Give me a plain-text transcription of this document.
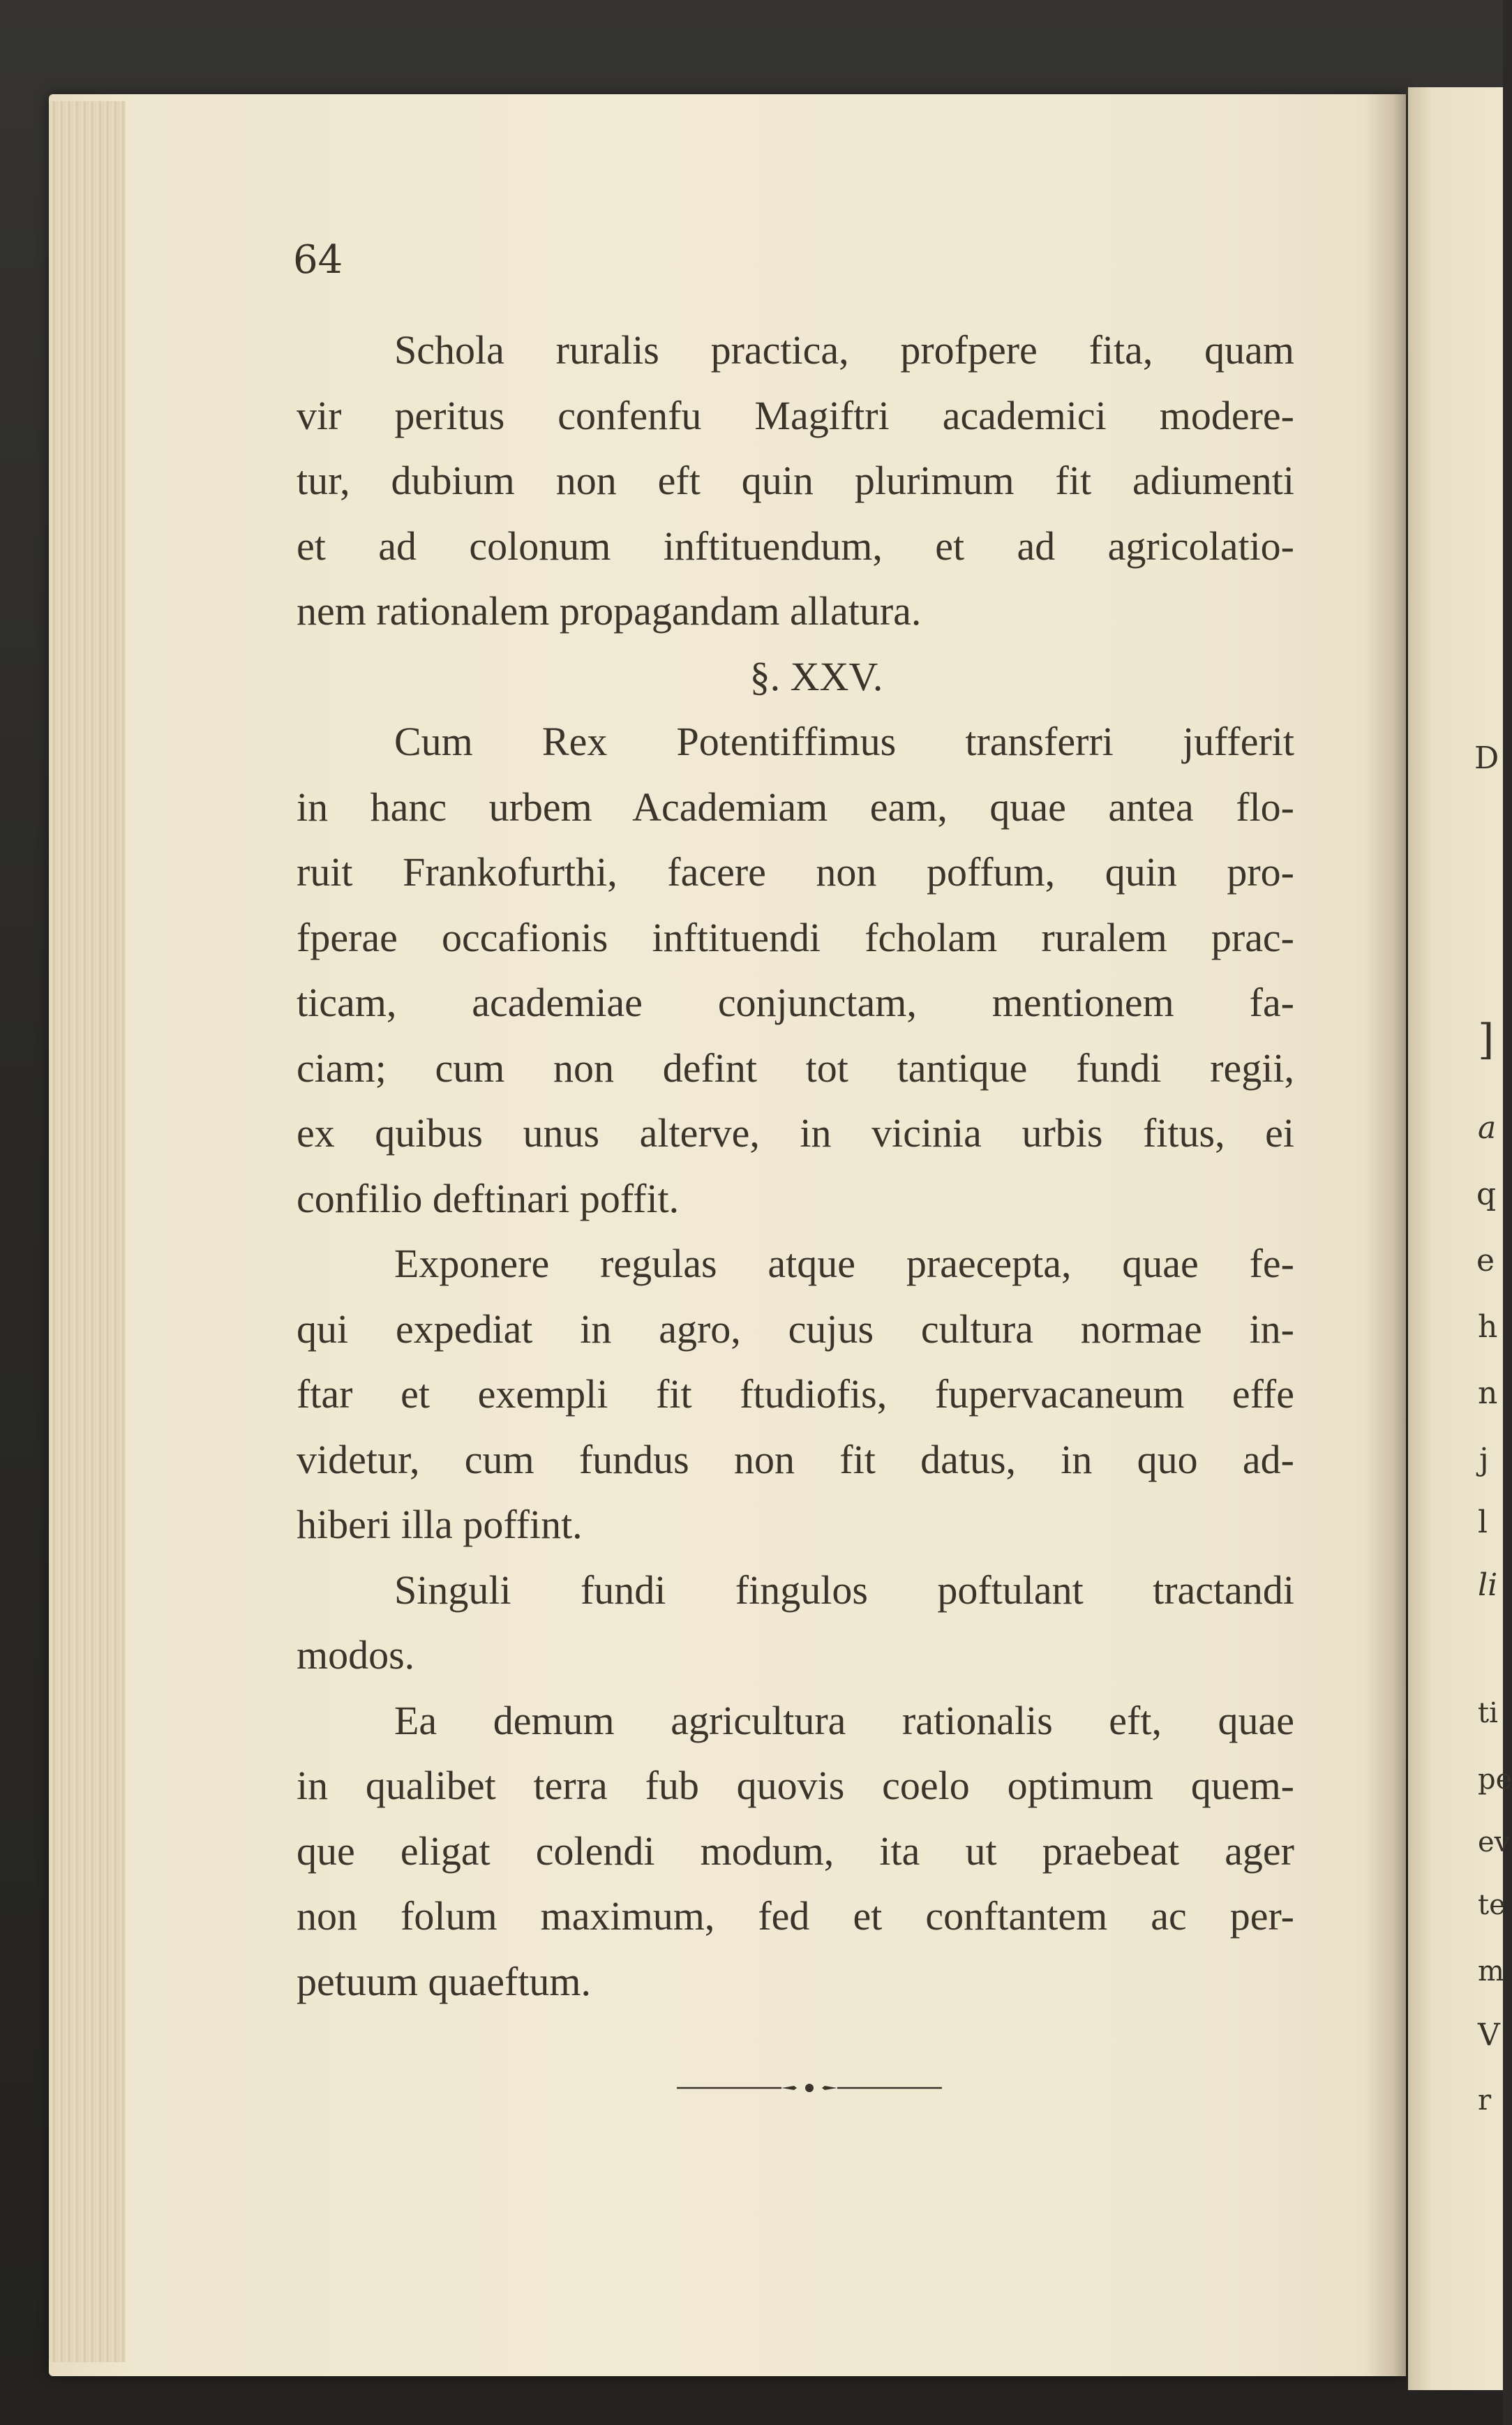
D
]
a
q
e
h
n
j
l
li
ti
pe
ev
te
m
V
r
64
Schola ruralis practica, profpere fita, quam
vir peritus confenfu Magiftri academici modere-
tur, dubium non eft quin plurimum fit adiumenti
et ad colonum inftituendum, et ad agricolatio-
nem rationalem propagandam allatura.
§. XXV.
Cum Rex Potentiffimus transferri jufferit
in hanc urbem Academiam eam, quae antea flo-
ruit Frankofurthi, facere non poffum, quin pro-
fperae occafionis inftituendi fcholam ruralem prac-
ticam, academiae conjunctam, mentionem fa-
ciam; cum non defint tot tantique fundi regii,
ex quibus unus alterve, in vicinia urbis fitus, ei
confilio deftinari poffit.
Exponere regulas atque praecepta, quae fe-
qui expediat in agro, cujus cultura normae in-
ftar et exempli fit ftudiofis, fupervacaneum effe
videtur, cum fundus non fit datus, in quo ad-
hiberi illa poffint.
Singuli fundi fingulos poftulant tractandi
modos.
Ea demum agricultura rationalis eft, quae
in qualibet terra fub quovis coelo optimum quem-
que eligat colendi modum, ita ut praebeat ager
non folum maximum, fed et conftantem ac per-
petuum quaeftum.
